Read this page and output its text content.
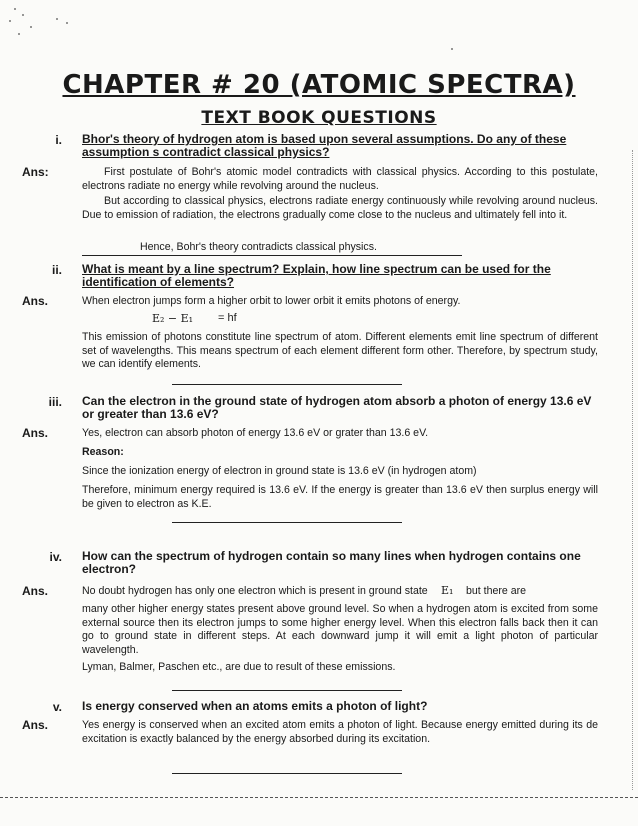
CHAPTER # 20 (ATOMIC SPECTRA)
TEXT BOOK QUESTIONS
i. Bhor's theory of hydrogen atom is based upon several assumptions. Do any of these assumption s contradict classical physics?
Ans:	First postulate of Bohr's atomic model contradicts with classical physics. According to this postulate, electrons radiate no energy while revolving around the nucleus.
But according to classical physics, electrons radiate energy continuously while revolving around nucleus. Due to emission of radiation, the electrons gradually come close to the nucleus and ultimately fell into it.
Hence, Bohr's theory contradicts classical physics.
ii. What is meant by a line spectrum? Explain, how line spectrum can be used for the identification of elements?
Ans.	When electron jumps form a higher orbit to lower orbit it emits photons of energy.
E₂ − E₁ = hf
This emission of photons constitute line spectrum of atom. Different elements emit line spectrum of different set of wavelengths. This means spectrum of each element different form other. Therefore, by spectrum study, we can identify elements.
iii. Can the electron in the ground state of hydrogen atom absorb a photon of energy 13.6 eV or greater than 13.6 eV?
Ans.	Yes, electron can absorb photon of energy 13.6 eV or grater than 13.6 eV.
Reason:
Since the ionization energy of electron in ground state is 13.6 eV (in hydrogen atom)
Therefore, minimum energy required is 13.6 eV. If the energy is greater than 13.6 eV then surplus energy will be given to electron as K.E.
iv. How can the spectrum of hydrogen contain so many lines when hydrogen contains one electron?
Ans.	No doubt hydrogen has only one electron which is present in ground state	E₁ but there are
many other higher energy states present above ground level. So when a hydrogen atom is excited from some external source then its electron jumps to some higher energy level. When this electron falls back then it can go to ground state in different steps. At each downward jump it will emit a light photon of particular wavelength.
Lyman, Balmer, Paschen etc., are due to result of these emissions.
v. Is energy conserved when an atoms emits a photon of light?
Ans.	Yes energy is conserved when an excited atom emits a photon of light. Because energy emitted during its de excitation is exactly balanced by the energy absorbed during its excitation.
